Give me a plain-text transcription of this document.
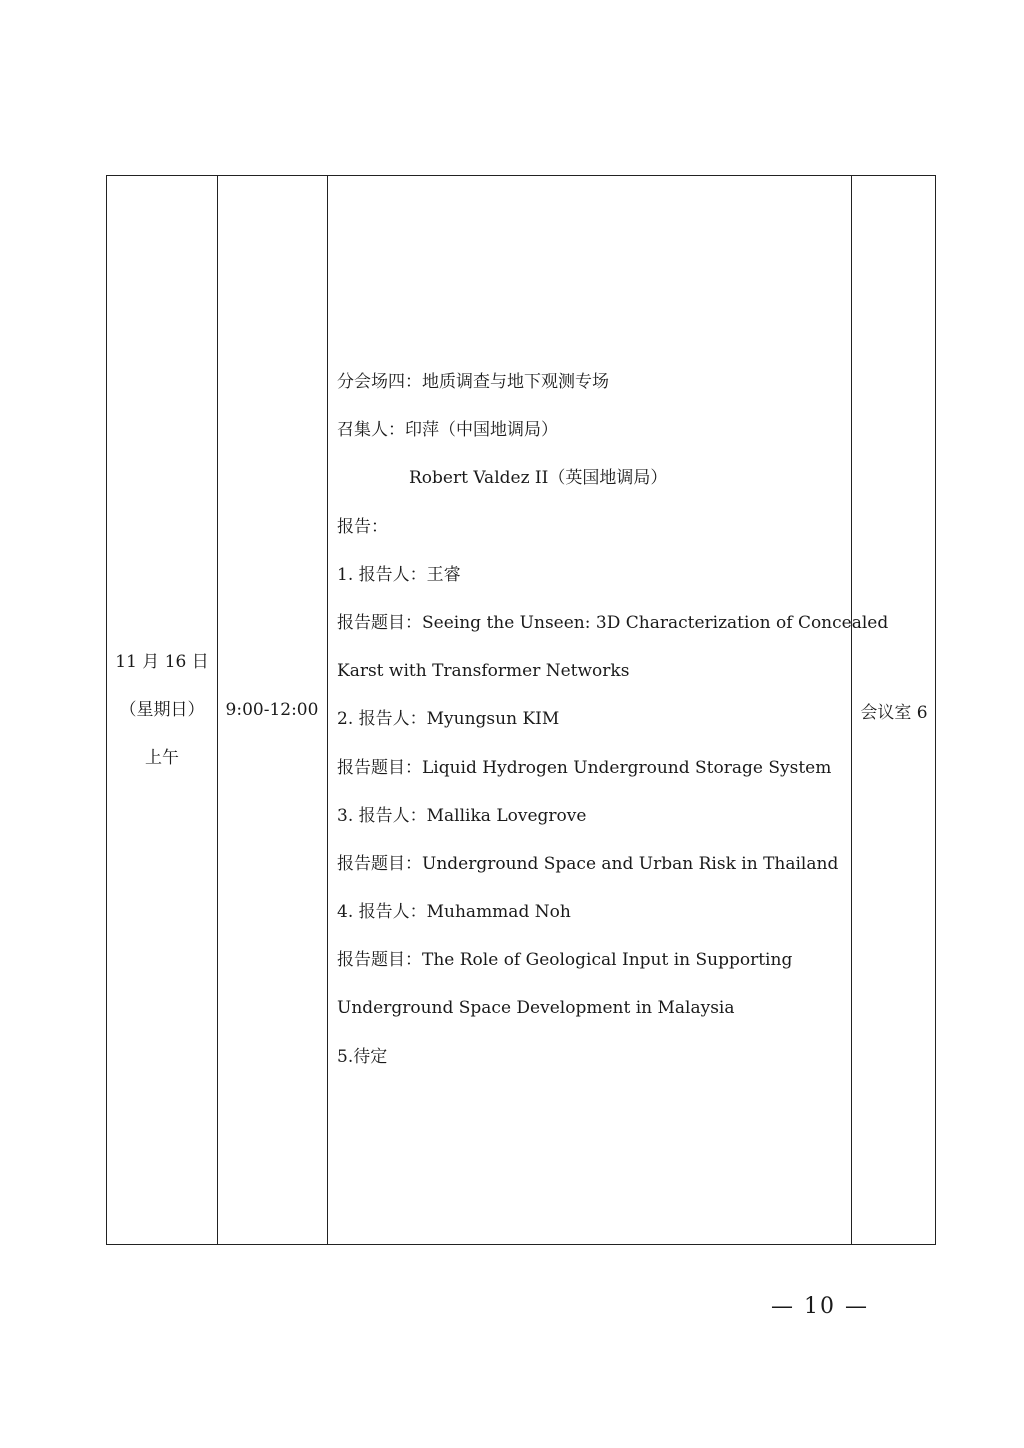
11 月 16 日
（星期日）
上午
9:00-12:00
分会场四：地质调查与地下观测专场
召集人：印萍（中国地调局）
Robert Valdez II（英国地调局）
报告：
1. 报告人：王睿
报告题目：Seeing the Unseen: 3D Characterization of Concealed
Karst with Transformer Networks
2. 报告人：Myungsun KIM
报告题目：Liquid Hydrogen Underground Storage System
3. 报告人：Mallika Lovegrove
报告题目：Underground Space and Urban Risk in Thailand
4. 报告人：Muhammad Noh
报告题目：The Role of Geological Input in Supporting
Underground Space Development in Malaysia
5.待定
会议室 6
— 10 —
